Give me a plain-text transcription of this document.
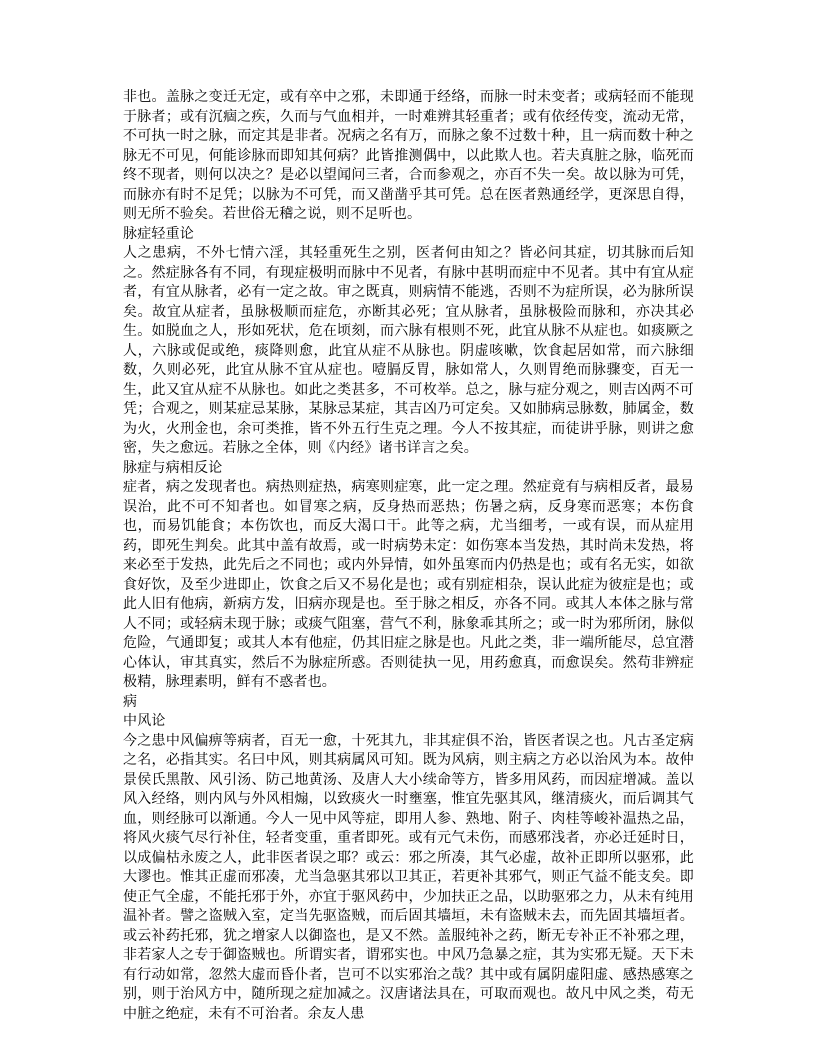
非也。盖脉之变迁无定，或有卒中之邪，未即通于经络，而脉一时未变者；或病轻而不能现于脉者；或有沉痼之疾，久而与气血相并，一时难辨其轻重者；或有依经传变，流动无常，不可执一时之脉，而定其是非者。况病之名有万，而脉之象不过数十种，且一病而数十种之脉无不可见，何能诊脉而即知其何病？此皆推测偶中，以此欺人也。若夫真脏之脉，临死而终不现者，则何以决之？是必以望闻问三者，合而参观之，亦百不失一矣。故以脉为可凭，而脉亦有时不足凭；以脉为不可凭，而又凿凿乎其可凭。总在医者熟通经学，更深思自得，则无所不验矣。若世俗无稽之说，则不足听也。
脉症轻重论
人之患病，不外七情六淫，其轻重死生之别，医者何由知之？皆必问其症，切其脉而后知之。然症脉各有不同，有现症极明而脉中不见者，有脉中甚明而症中不见者。其中有宜从症者，有宜从脉者，必有一定之故。审之既真，则病情不能逃，否则不为症所误，必为脉所误矣。故宜从症者，虽脉极顺而症危，亦断其必死；宜从脉者，虽脉极险而脉和，亦决其必生。如脱血之人，形如死状，危在顷刻，而六脉有根则不死，此宜从脉不从症也。如痰厥之人，六脉或促或绝，痰降则愈，此宜从症不从脉也。阴虚咳嗽，饮食起居如常，而六脉细数，久则必死，此宜从脉不宜从症也。噎膈反胃，脉如常人，久则胃绝而脉骤变，百无一生，此又宜从症不从脉也。如此之类甚多，不可枚举。总之，脉与症分观之，则吉凶两不可凭；合观之，则某症忌某脉，某脉忌某症，其吉凶乃可定矣。又如肺病忌脉数，肺属金，数为火，火刑金也，余可类推，皆不外五行生克之理。今人不按其症，而徒讲乎脉，则讲之愈密，失之愈远。若脉之全体，则《内经》诸书详言之矣。
脉症与病相反论
症者，病之发现者也。病热则症热，病寒则症寒，此一定之理。然症竟有与病相反者，最易误治，此不可不知者也。如冒寒之病，反身热而恶热；伤暑之病，反身寒而恶寒；本伤食也，而易饥能食；本伤饮也，而反大渴口干。此等之病，尤当细考，一或有误，而从症用药，即死生判矣。此其中盖有故焉，或一时病势未定：如伤寒本当发热，其时尚未发热，将来必至于发热，此先后之不同也；或内外异情，如外虽寒而内仍热是也；或有名无实，如欲食好饮，及至少进即止，饮食之后又不易化是也；或有别症相杂，误认此症为彼症是也；或此人旧有他病，新病方发，旧病亦现是也。至于脉之相反，亦各不同。或其人本体之脉与常人不同；或轻病未现于脉；或痰气阻塞，营气不利，脉象乖其所之；或一时为邪所闭，脉似危险，气通即复；或其人本有他症，仍其旧症之脉是也。凡此之类，非一端所能尽，总宜潜心体认，审其真实，然后不为脉症所惑。否则徒执一见，用药愈真，而愈误矣。然苟非辨症极精，脉理素明，鲜有不惑者也。
病
中风论
今之患中风偏痹等病者，百无一愈，十死其九，非其症俱不治，皆医者误之也。凡古圣定病之名，必指其实。名曰中风，则其病属风可知。既为风病，则主病之方必以治风为本。故仲景侯氏黑散、风引汤、防己地黄汤、及唐人大小续命等方，皆多用风药，而因症增减。盖以风入经络，则内风与外风相煽，以致痰火一时壅塞，惟宜先驱其风，继清痰火，而后调其气血，则经脉可以渐通。今人一见中风等症，即用人参、熟地、附子、肉桂等峻补温热之品，将风火痰气尽行补住，轻者变重，重者即死。或有元气未伤，而感邪浅者，亦必迁延时日，以成偏枯永废之人，此非医者误之耶？或云：邪之所凑，其气必虚，故补正即所以驱邪，此大谬也。惟其正虚而邪凑，尤当急驱其邪以卫其正，若更补其邪气，则正气益不能支矣。即使正气全虚，不能托邪于外，亦宜于驱风药中，少加扶正之品，以助驱邪之力，从未有纯用温补者。譬之盗贼入室，定当先驱盗贼，而后固其墙垣，未有盗贼未去，而先固其墙垣者。或云补药托邪，犹之增家人以御盗也，是又不然。盖服纯补之药，断无专补正不补邪之理，非若家人之专于御盗贼也。所谓实者，谓邪实也。中风乃急暴之症，其为实邪无疑。天下未有行动如常，忽然大虚而昏仆者，岂可不以实邪治之哉？其中或有属阴虚阳虚、感热感寒之别，则于治风方中，随所现之症加减之。汉唐诸法具在，可取而观也。故凡中风之类，苟无中脏之绝症，未有不可治者。余友人患
